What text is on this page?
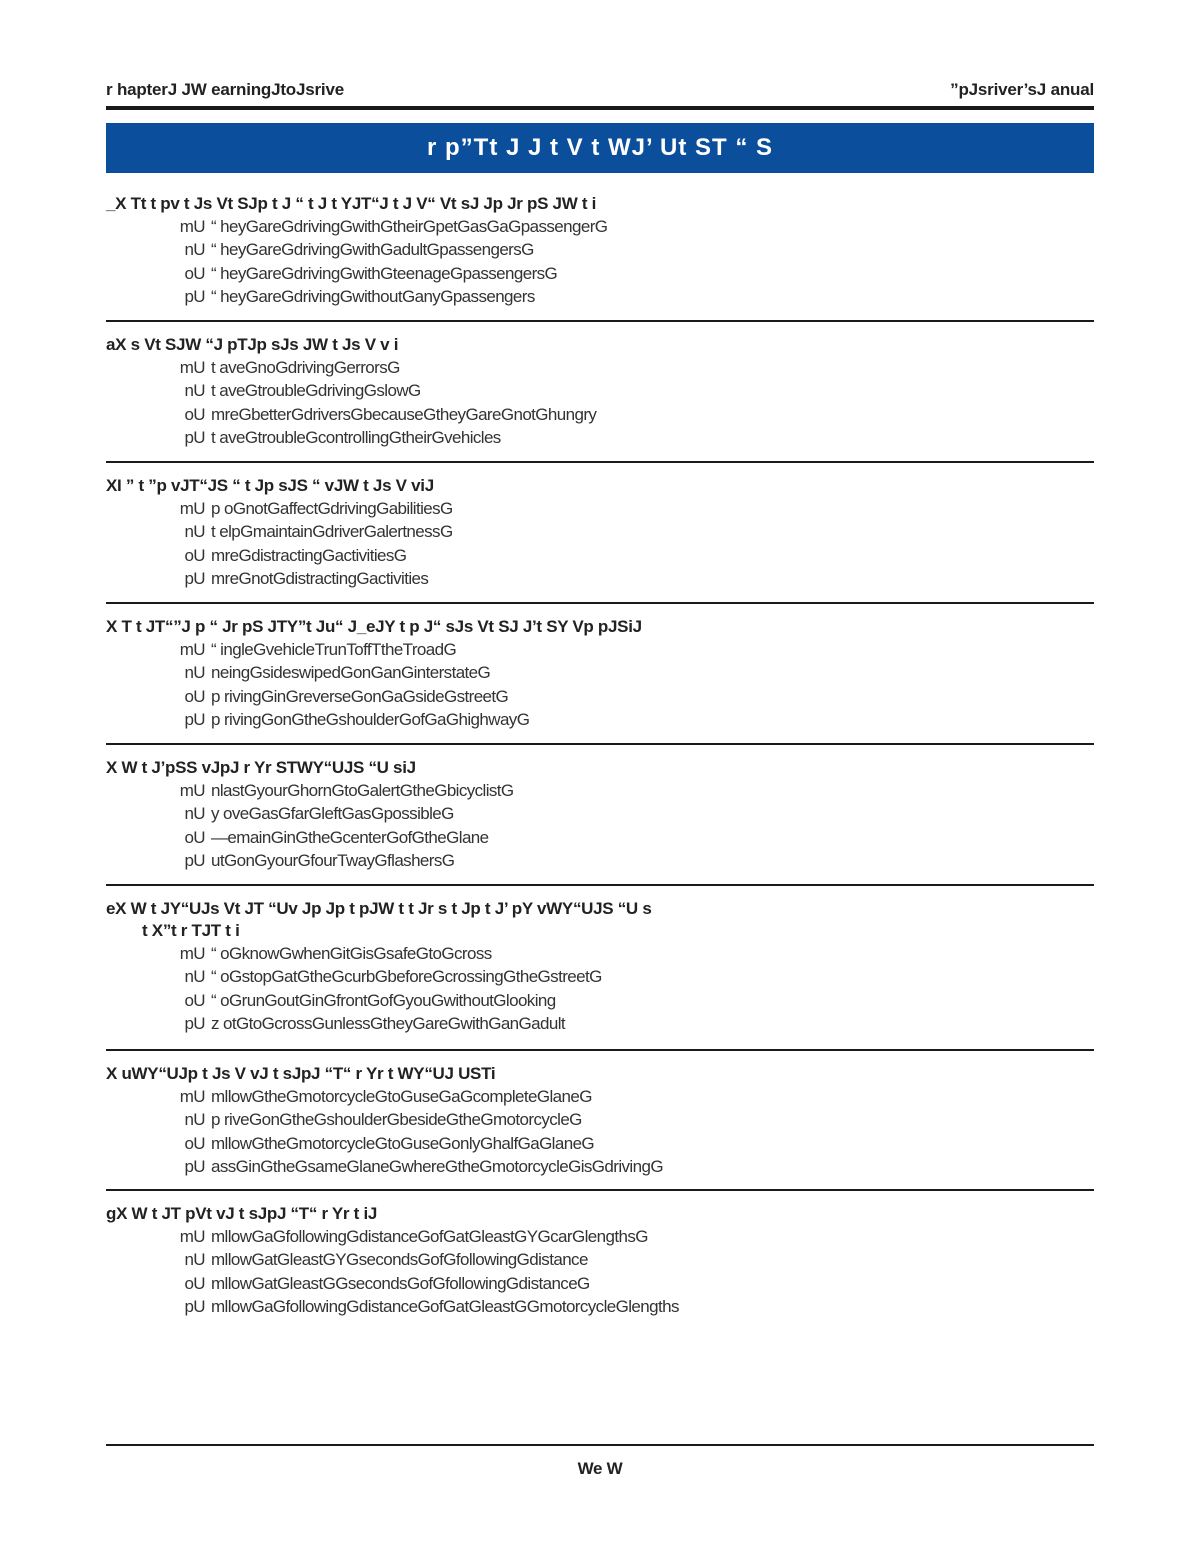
r hapterJ JW earningJtoJsrive	”pJsriver’sJ anual
r p”Tt J J t V t WJ’ Ut ST “ S
_X Tt t pv t Js Vt SJp t J “ t J t YJT“J t J V“ Vt sJ Jp Jr pS JW t i
mU “ heyGareGdrivingGwithGtheirGpetGasGaGpassengerG
nU “ heyGareGdrivingGwithGadultGpassengersG
oU “ heyGareGdrivingGwithGteenageGpassengersG
pU “ heyGareGdrivingGwithoutGanyGpassengers
aX s Vt SJW “J pTJp sJs JW t Js V v i
mU t aveGnoGdrivingGerrorsG
nU t aveGtroubleGdrivingGslowG
oU mreGbetterGdriversGbecauseGtheyGareGnotGhungry
pU t aveGtroubleGcontrollingGtheirGvehicles
XI ” t ”p vJT“JS “ t Jp sJS “ vJW t Js V viJ
mU p oGnotGaffectGdrivingGabilitiesG
nU t elpGmaintainGdriverGalertnessG
oU mreGdistractingGactivitiesG
pU mreGnotGdistractingGactivities
X T t JT“”J p “ Jr pS JTY”t Ju“ J_eJY t p J“ sJs Vt SJ J’t SY Vp pJSiJ
mU “ ingleGvehicleTrunToffTtheTroadG
nU neingGsideswipedGonGanGinterstateG
oU p rivingGinGreverseGonGaGsideGstreetG
pU p rivingGonGtheGshoulderGofGaGhighwayG
X W t J’pSS vJpJ r Yr STWY“UJS “U siJ
mU nlastGyourGhornGtoGalertGtheGbicyclistG
nU y oveGasGfarGleftGasGpossibleG
oU —emainGinGtheGcenterGofGtheGlane
pU utGonGyourGfourTwayGflashersG
eX W t JY“UJs Vt JT “Uv Jp Jp t pJW t t Jr s t Jp t J’ pY vWY“UJS “U s
t X”t r TJT t i
mU “ oGknowGwhenGitGisGsafeGtoGcross
nU “ oGstopGatGtheGcurbGbeforeGcrossingGtheGstreetG
oU “ oGrunGoutGinGfrontGofGyouGwithoutGlooking
pU z otGtoGcrossGunlessGtheyGareGwithGanGadult
X uWY“UJp t Js V vJ t sJpJ “T“ r Yr t WY“UJ USTi
mU mllowGtheGmotorcycleGtoGuseGaGcompleteGlaneG
nU p riveGonGtheGshoulderGbesideGtheGmotorcycleG
oU mllowGtheGmotorcycleGtoGuseGonlyGhalfGaGlaneG
pU assGinGtheGsameGlaneGwhereGtheGmotorcycleGisGdrivingG
gX W t JT pVt vJ t sJpJ “T“ r Yr t iJ
mU mllowGaGfollowingGdistanceGofGatGleastGYGcarGlengthsG
nU mllowGatGleastGYGsecondsGofGfollowingGdistance
oU mllowGatGleastGGsecondsGofGfollowingGdistanceG
pU mllowGaGfollowingGdistanceGofGatGleastGGmotorcycleGlengths
We W
